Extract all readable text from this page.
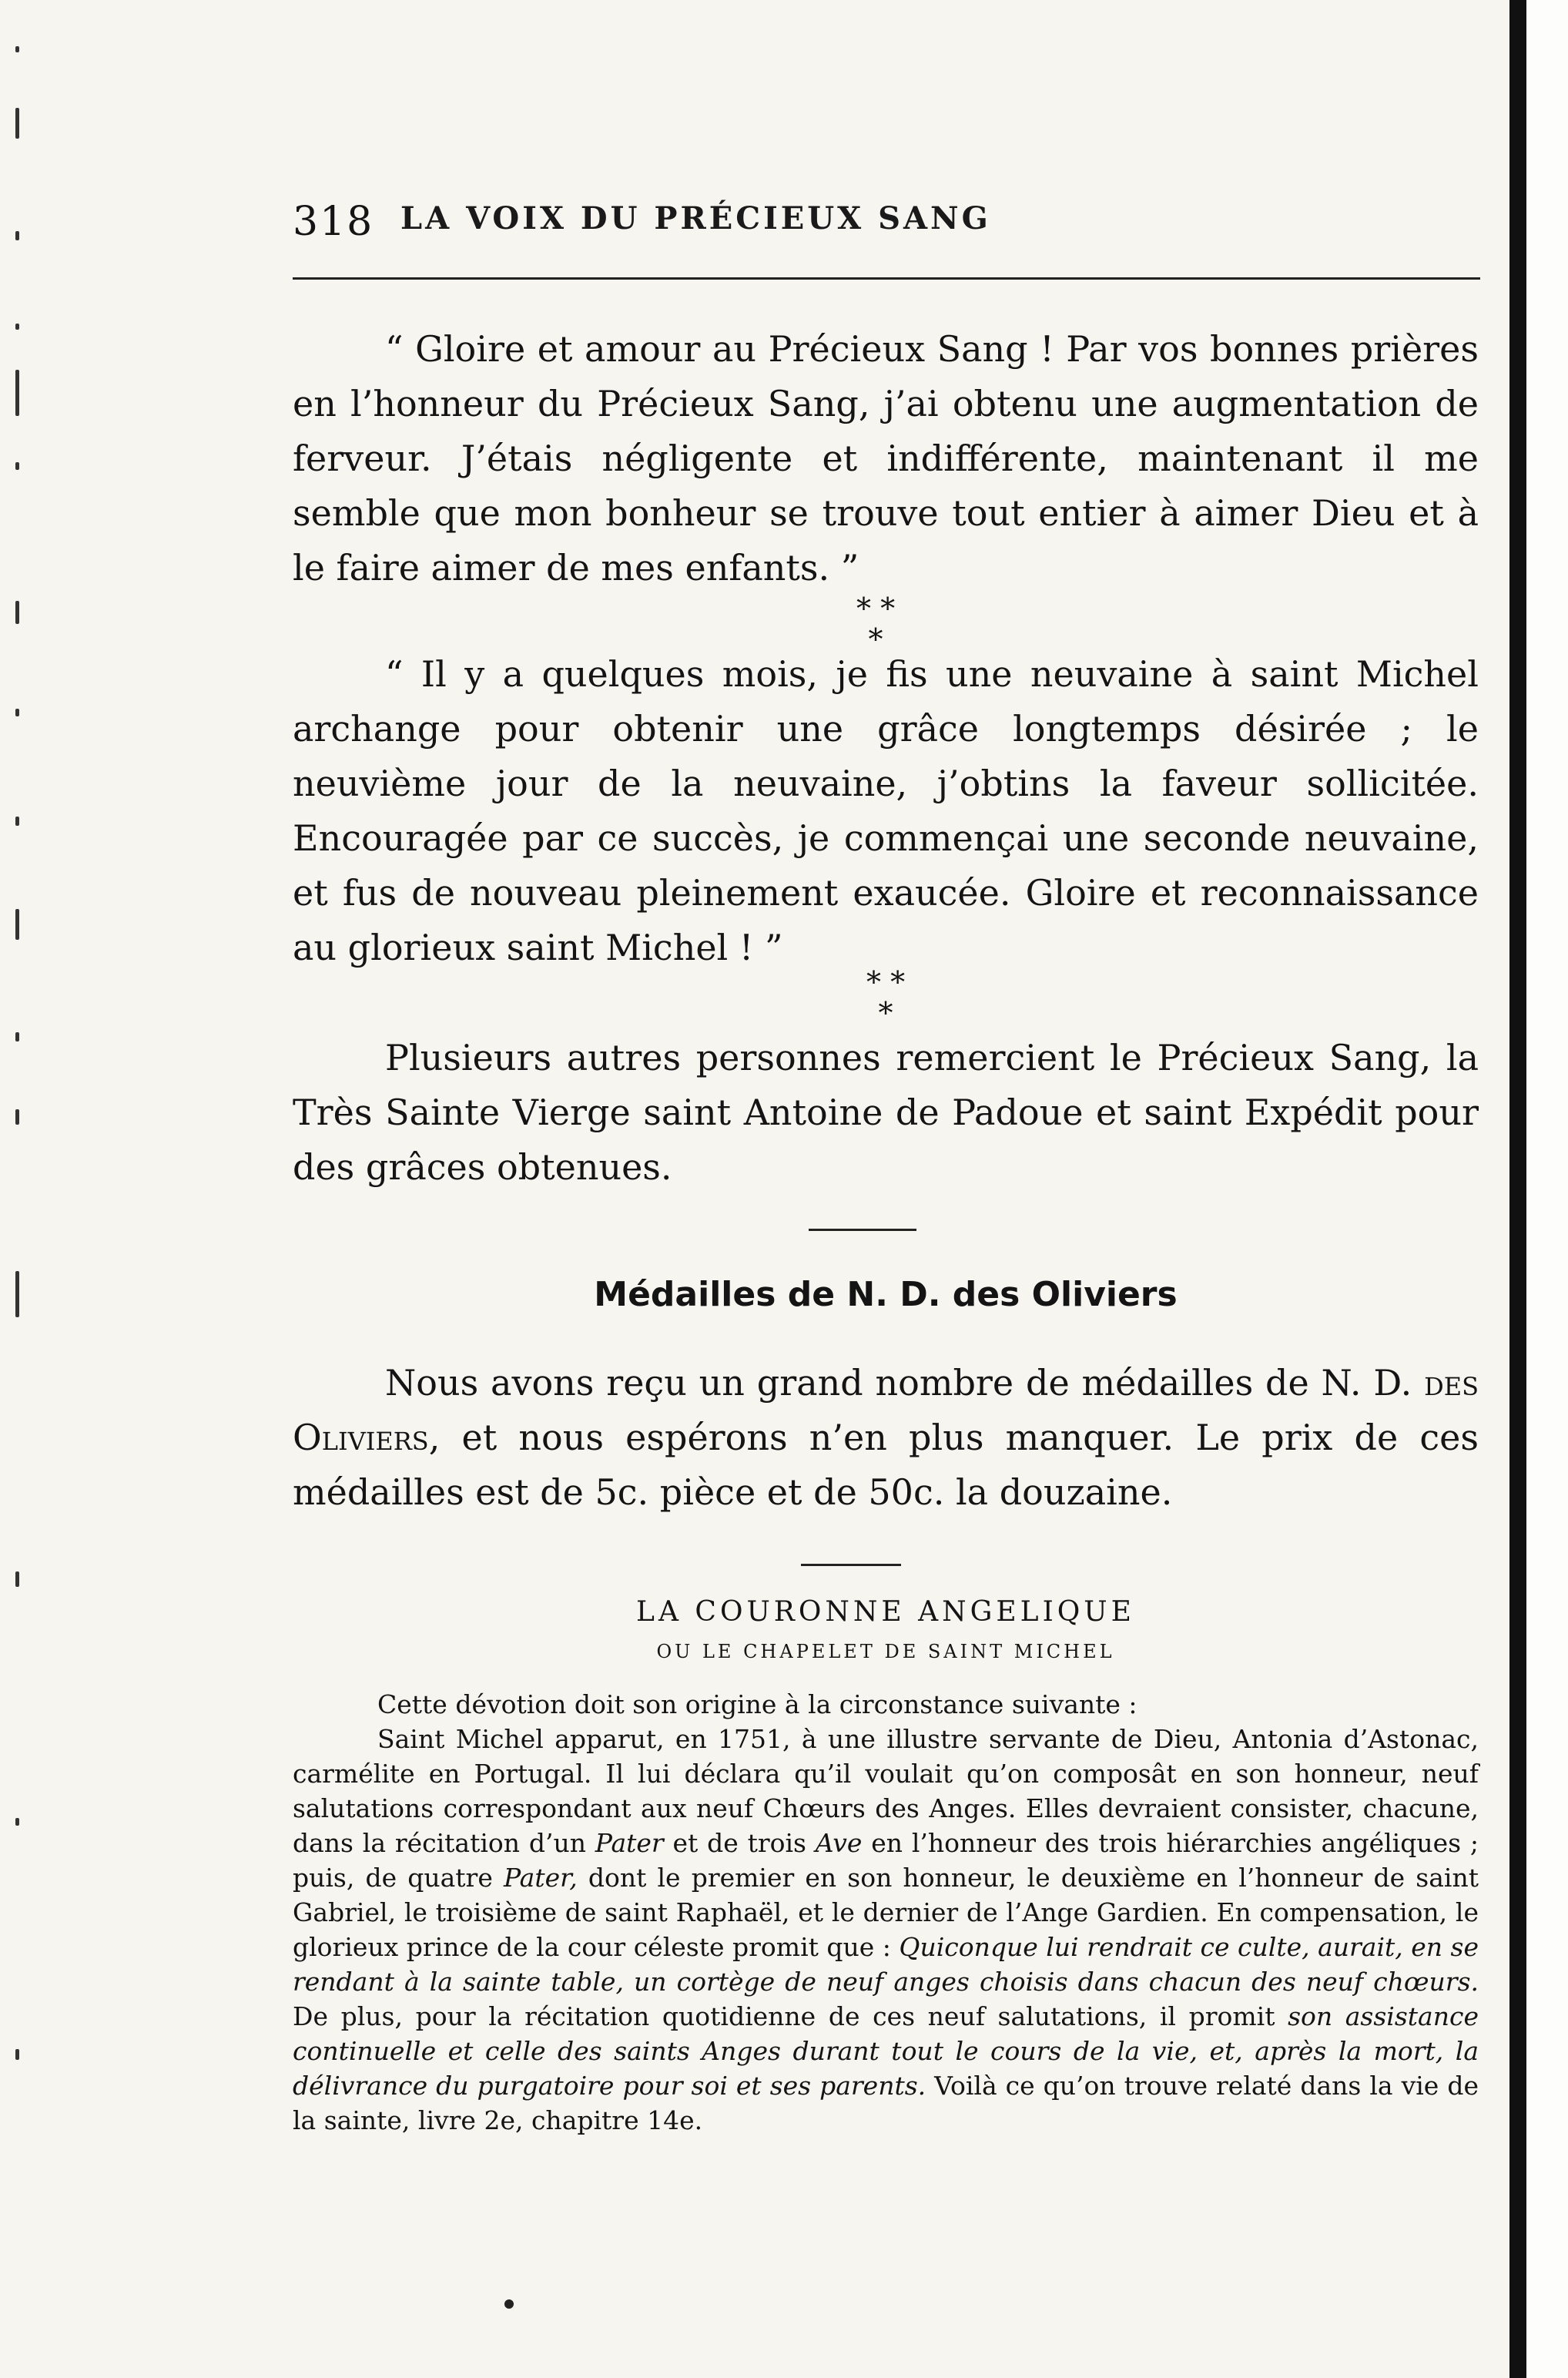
318 LA VOIX DU PRÉCIEUX SANG

“ Gloire et amour au Précieux Sang ! Par vos bonnes prières en l’honneur du Précieux Sang, j’ai obtenu une augmentation de ferveur. J’étais négligente et indifférente, maintenant il me semble que mon bonheur se trouve tout entier à aimer Dieu et à le faire aimer de mes enfants. ”

* *
*

“ Il y a quelques mois, je fis une neuvaine à saint Michel archange pour obtenir une grâce longtemps désirée ; le neuvième jour de la neuvaine, j’obtins la faveur sollicitée. Encouragée par ce succès, je commençai une seconde neuvaine, et fus de nouveau pleinement exaucée. Gloire et reconnaissance au glorieux saint Michel ! ”

* *
*

Plusieurs autres personnes remercient le Précieux Sang, la Très Sainte Vierge saint Antoine de Padoue et saint Expédit pour des grâces obtenues.

Médailles de N. D. des Oliviers

Nous avons reçu un grand nombre de médailles de N. D. des Oliviers, et nous espérons n’en plus manquer. Le prix de ces médailles est de 5c. pièce et de 50c. la douzaine.

LA COURONNE ANGELIQUE
OU LE CHAPELET DE SAINT MICHEL

Cette dévotion doit son origine à la circonstance suivante :

Saint Michel apparut, en 1751, à une illustre servante de Dieu, Antonia d’Astonac, carmélite en Portugal. Il lui déclara qu’il voulait qu’on composât en son honneur, neuf salutations correspondant aux neuf Chœurs des Anges. Elles devraient consister, chacune, dans la récitation d’un Pater et de trois Ave en l’honneur des trois hiérarchies angéliques ; puis, de quatre Pater, dont le premier en son honneur, le deuxième en l’honneur de saint Gabriel, le troisième de saint Raphaël, et le dernier de l’Ange Gardien. En compensation, le glorieux prince de la cour céleste promit que : Quiconque lui rendrait ce culte, aurait, en se rendant à la sainte table, un cortège de neuf anges choisis dans chacun des neuf chœurs. De plus, pour la récitation quotidienne de ces neuf salutations, il promit son assistance continuelle et celle des saints Anges durant tout le cours de la vie, et, après la mort, la délivrance du purgatoire pour soi et ses parents. Voilà ce qu’on trouve relaté dans la vie de la sainte, livre 2e, chapitre 14e.
